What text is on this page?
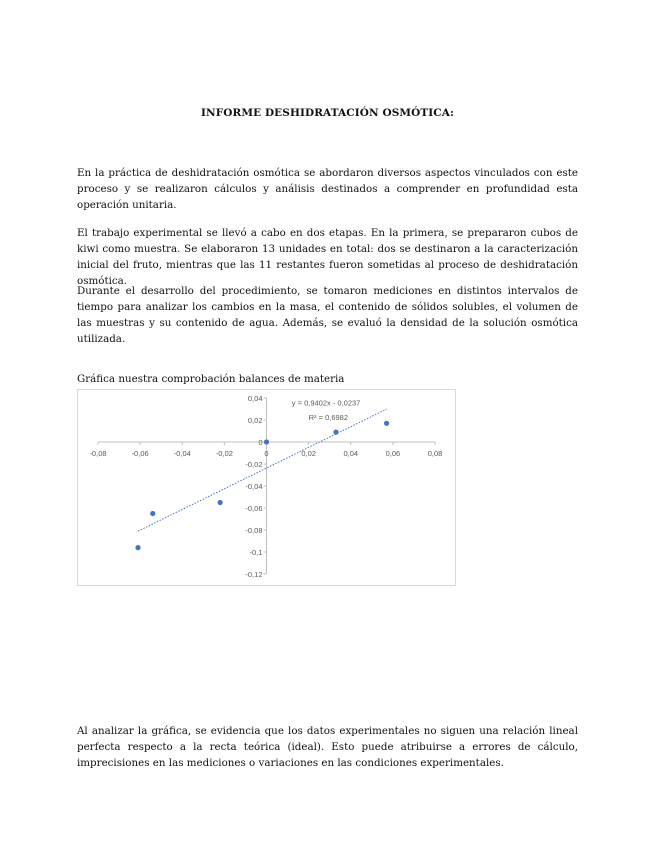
INFORME DESHIDRATACIÓN OSMÓTICA:

En la práctica de deshidratación osmótica se abordaron diversos aspectos vinculados con este proceso y se realizaron cálculos y análisis destinados a comprender en profundidad esta operación unitaria.

El trabajo experimental se llevó a cabo en dos etapas. En la primera, se prepararon cubos de kiwi como muestra. Se elaboraron 13 unidades en total: dos se destinaron a la caracterización inicial del fruto, mientras que las 11 restantes fueron sometidas al proceso de deshidratación osmótica.

Durante el desarrollo del procedimiento, se tomaron mediciones en distintos intervalos de tiempo para analizar los cambios en la masa, el contenido de sólidos solubles, el volumen de las muestras y su contenido de agua. Además, se evaluó la densidad de la solución osmótica utilizada.

Gráfica nuestra comprobación balances de materia
-0,08	-0,06	-0,04	-0,02	0	0,02	0,04	0,06	0,08
0,04
0,02
0
-0,02
-0,04
-0,06
-0,08
-0,1
-0,12
y = 0,9402x - 0,0237
R² = 0,6982

Al analizar la gráfica, se evidencia que los datos experimentales no siguen una relación lineal perfecta respecto a la recta teórica (ideal). Esto puede atribuirse a errores de cálculo, imprecisiones en las mediciones o variaciones en las condiciones experimentales.
